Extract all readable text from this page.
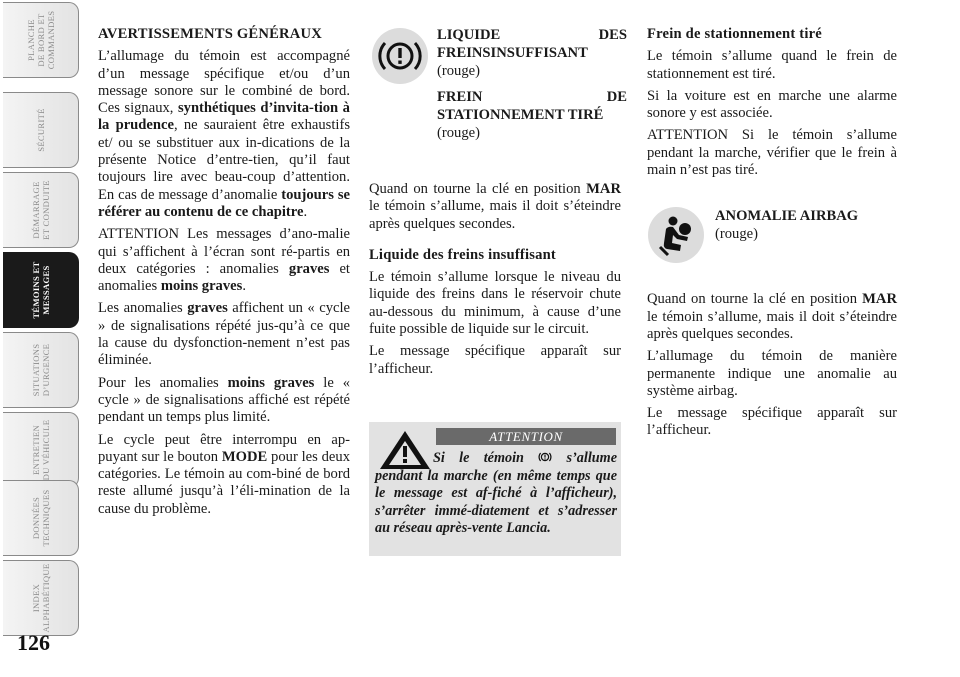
PLANCHE
DE BORD ET
COMMANDES
SÉCURITÉ
DÉMARRAGE
ET CONDUITE
TÉMOINS ET
MESSAGES
SITUATIONS
D’URGENCE
ENTRETIEN
DU VÉHICULE
DONNÉES
TECHNIQUES
INDEX
ALPHABÉTIQUE
126
AVERTISSEMENTS GÉNÉRAUX

L’allumage du témoin est accompagné d’un message spécifique et/ou d’un message sonore sur le combiné de bord. Ces signaux, synthétiques d’invita-tion à la prudence, ne sauraient être exhaustifs et/ ou se substituer aux in-dications de la présente Notice d’entre-tien, qu’il faut toujours lire avec beau-coup d’attention. En cas de message d’anomalie toujours se référer au contenu de ce chapitre.

ATTENTION Les messages d’ano-malie qui s’affichent à l’écran sont ré-partis en deux catégories : anomalies graves et anomalies moins graves.

Les anomalies graves affichent un « cycle » de signalisations répété jus-qu’à ce que la cause du dysfonction-nement n’est pas éliminée.

Pour les anomalies moins graves le « cycle » de signalisations affiché est répété pendant un temps plus limité.

Le cycle peut être interrompu en ap-puyant sur le bouton MODE pour les deux catégories. Le témoin au com-biné de bord reste allumé jusqu’à l’éli-mination de la cause du problème.

LIQUIDE DES FREINSINSUFFISANT

(rouge)

FREIN DE STATIONNEMENT TIRÉ

(rouge)

Quand on tourne la clé en position MAR le témoin s’allume, mais il doit s’éteindre après quelques secondes.

Liquide des freins insuffisant

Le témoin s’allume lorsque le niveau du liquide des freins dans le réservoir chute au-dessous du minimum, à cause d’une fuite possible de liquide sur le circuit.

Le message spécifique apparaît sur l’afficheur.

ATTENTION
Si le témoin  s’allume pendant la marche (en même temps que le message est af-fiché à l’afficheur), s’arrêter immé-diatement et s’adresser au réseau après-vente Lancia.
Frein de stationnement tiré

Le témoin s’allume quand le frein de stationnement est tiré.

Si la voiture est en marche une alarme sonore y est associée.

ATTENTION Si le témoin s’allume pendant la marche, vérifier que le frein à main n’est pas tiré.

ANOMALIE AIRBAG

(rouge)

Quand on tourne la clé en position MAR le témoin s’allume, mais il doit s’éteindre après quelques secondes.

L’allumage du témoin de manière permanente indique une anomalie au système airbag.

Le message spécifique apparaît sur l’afficheur.
